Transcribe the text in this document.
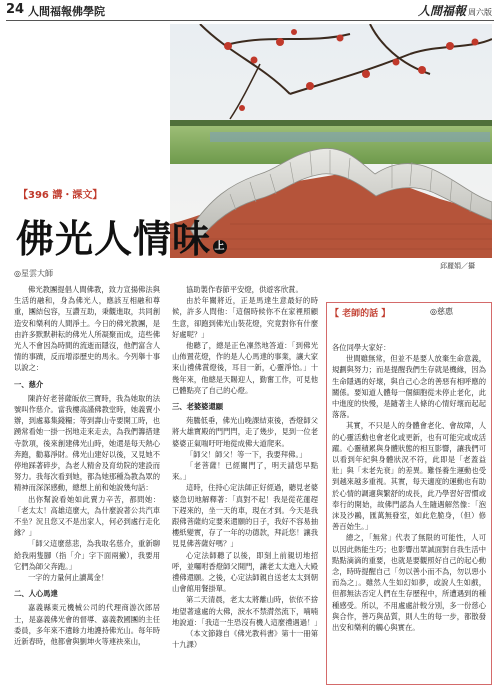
24 人間福報佛學院	人間福報 周六版
邱麗娟／攝
【396 講・課文】
佛光人情味 上
◎星雲大師

佛光教團提倡人間佛教，致力宣揚佛法與生活的融和，身為佛光人，應該互相融和尊重，團結包容，互讚互助，秉觀進取，共同創造安和樂利的人間淨土。今日的佛光教團，是由許多默默耕耘的佛光人所凝聚而成，這些佛光人不會因為時間的流逝而隱沒，他們富含人情的事蹟，反而增添歷史的馬永。今列舉十事以說之：

一、慈介

陳許好老菩薩皈依三寶時，我為她取的法號叫作慈介。當我樓高謹佛教堂時，她義賣小辦，到處募集錢糧；等到壽山寺要開工時，也踴常看她一掛一拐地走來走去，為我們籌措建寺款項，後來創建佛光山時，她還是每天熱心奔跑，勸募淨財。佛光山建好以後，又見她不停地踩著碎步，為老人精舍及育幼院的建設而努力。我每次看到她，都為她那種為教為眾的精神而深深感動，總想上前和她說幾句話：

出你幫說看她如此賣力辛苦，都問她：「老太太！高雄這麼大，為什麼說著公共汽車不坐？況且您又不是出家人，何必到處行走化緣？」

「師父這麼慈悲，為我取名慈介，重新聊給我兩隻腳（指「介」字下面兩撇），我要用它們為師父奔跑。」

一字的力量何止讀萬金！

二、人心馬達

嘉義縣東元機械公司的代理商游次郎居士，是嘉義佛光會的督導、嘉義教國團的主任委員，多年來不遺餘力地護持佛光山。每年時近新春時，他都會與劉坤火等連袂來山，

協助製作春節平安燈，供遊客欣賞。

由於年關將近，正是馬達生意最好的時候，許多人問他：「這個時候你不在家裡照顧生意，卻跑到佛光山裝花燈，究竟對你有什麼好處呢？」

他聽了，總是正色凜然地答道：「到佛光山佈置花燈，作的是人心馬達的事業，讓大家來山禮佛賞燈後，耳目一新，心靈淨怡。」十幾年來，他總是天賜迎人，勤奮工作，可見他已體點亮了自己的心燈。

三、老婆婆還願

苑騰低垂，佛光山晚課結束後，香燈師父將大雄寶殿的門門閂，走了幾步，見到一位老婆婆正氣喘吁吁地從成佛大道爬來。

「師父！師父！等一下，我要拜佛。」

「老菩薩！已經關門了，明天請您早點來。」

這時，住持心定法師正好經過，聽見老婆婆急切地解釋著：「真對不起！我是從花蓮趕下趕來的，坐一天的車，現在才到。今天是我跟佛菩薩約定要來還願的日子，我好不容易抽樓紙變實，存了一年的功德款，拜託您！讓我見見佛菩薩好嗎？」

心定法師聽了以後，即刻上前親切地招呼，並囑咐香燈師父開門，讓老太太進入大殿禮佛還願。之後，心定法師親自送老太太到朝山會館用餐掛單。

第二天清晨，老太太將離山時，依依不捨地望著遠處的大佛，淚水不禁潸然流下，喃喃地說道：「我這一生恐沒有機人這麼禮遇過！」

（本文節錄自《佛光教科書》第十一冊第十九課）

【 老師的話 】	◎慈惠

各位同學大家好：

世間雖無常，但並不是要人放棄生命意義，規劃與努力；而是提醒我們生存就是機緣，因為生命隱遇的好壞，與自己心念的善惡有相呼應的關係。要知道人體每一個細胞從未停止老化，此中進度的快慢，是隨著主人條的心情好壞而起起落落。

其實，不只是人的身體會老化、會故障，人的心靈活動也會老化或更新，也有可能完或成活躍。心靈積累與身體狀態的相互影響，讓我們可以看到年紀與身體狀況不符，此即是「老蓋益壯」與「未老先衰」的差異。難怪養生運動也受到越來越多重視。其實，每天適度的運動也有助於心情的調適與繁舒的成長，此乃學習好習慣或奉行的開始，故佛門認為人生隨遇解然像：「泡沫及沙鷗，匯萬無發室，如此危脆身，（但）修善百始生。」

總之，「無常」代表了無限的可能性，人可以因此熱能生巧；也影響出眾誠面對自我生活中點點滴滴的重要，也就是要觀照好自己的起心動念，時時提醒自己「勿以善小而不為，勿以惡小而為之」。雖然人生如幻如夢，或說人生如戲，但都無法否定人們在生存歷程中，所遭遇到的種種感受。所以，不用處處計較分別，多一份慈心與合作，善巧與品質，則人生的每一步，都散發出安和樂利的觸心與實在。
